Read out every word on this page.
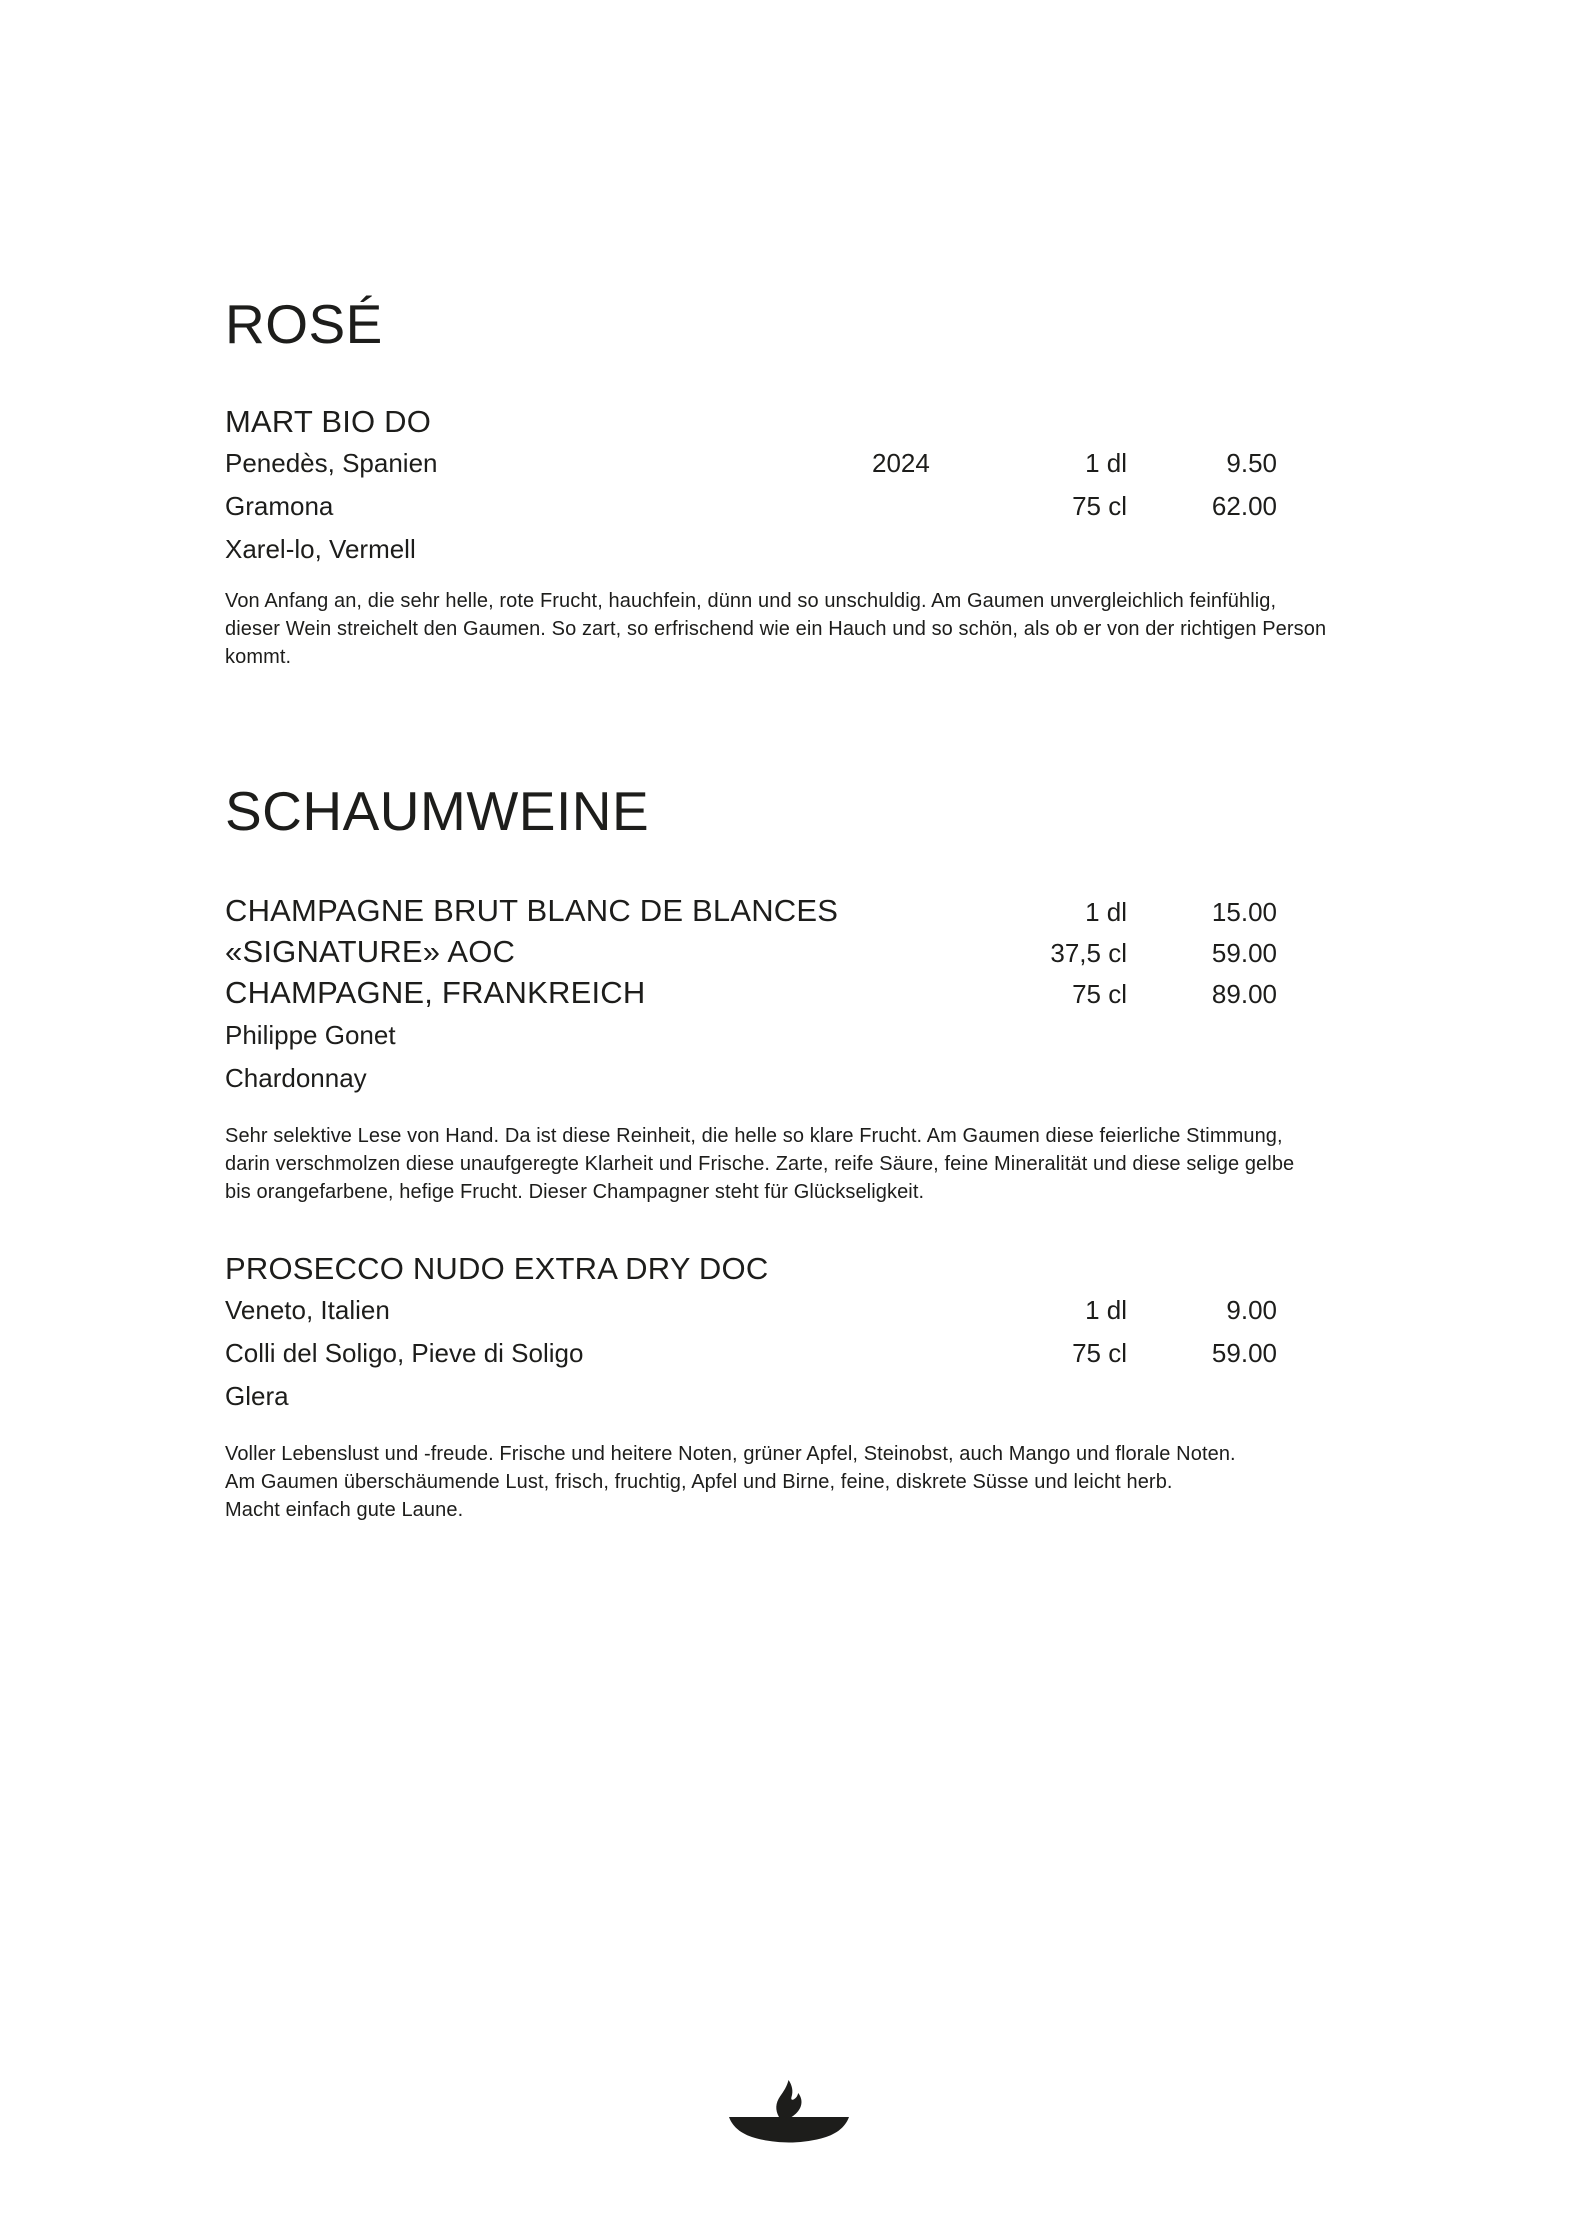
ROSÉ
MART BIO DO
Penedès, Spanien	2024	1 dl	9.50
Gramona	75 cl	62.00
Xarel-lo, Vermell
Von Anfang an, die sehr helle, rote Frucht, hauchfein, dünn und so unschuldig. Am Gaumen unvergleichlich feinfühlig,
dieser Wein streichelt den Gaumen. So zart, so erfrischend wie ein Hauch und so schön, als ob er von der richtigen Person
kommt.
SCHAUMWEINE
CHAMPAGNE BRUT BLANC DE BLANCES	1 dl	15.00
«SIGNATURE» AOC	37,5 cl	59.00
CHAMPAGNE, FRANKREICH	75 cl	89.00
Philippe Gonet
Chardonnay
Sehr selektive Lese von Hand. Da ist diese Reinheit, die helle so klare Frucht. Am Gaumen diese feierliche Stimmung,
darin verschmolzen diese unaufgeregte Klarheit und Frische. Zarte, reife Säure, feine Mineralität und diese selige gelbe
bis orangefarbene, hefige Frucht. Dieser Champagner steht für Glückseligkeit.
PROSECCO NUDO EXTRA DRY DOC
Veneto, Italien	1 dl	9.00
Colli del Soligo, Pieve di Soligo	75 cl	59.00
Glera
Voller Lebenslust und -freude. Frische und heitere Noten, grüner Apfel, Steinobst, auch Mango und florale Noten.
Am Gaumen überschäumende Lust, frisch, fruchtig, Apfel und Birne, feine, diskrete Süsse und leicht herb.
Macht einfach gute Laune.
